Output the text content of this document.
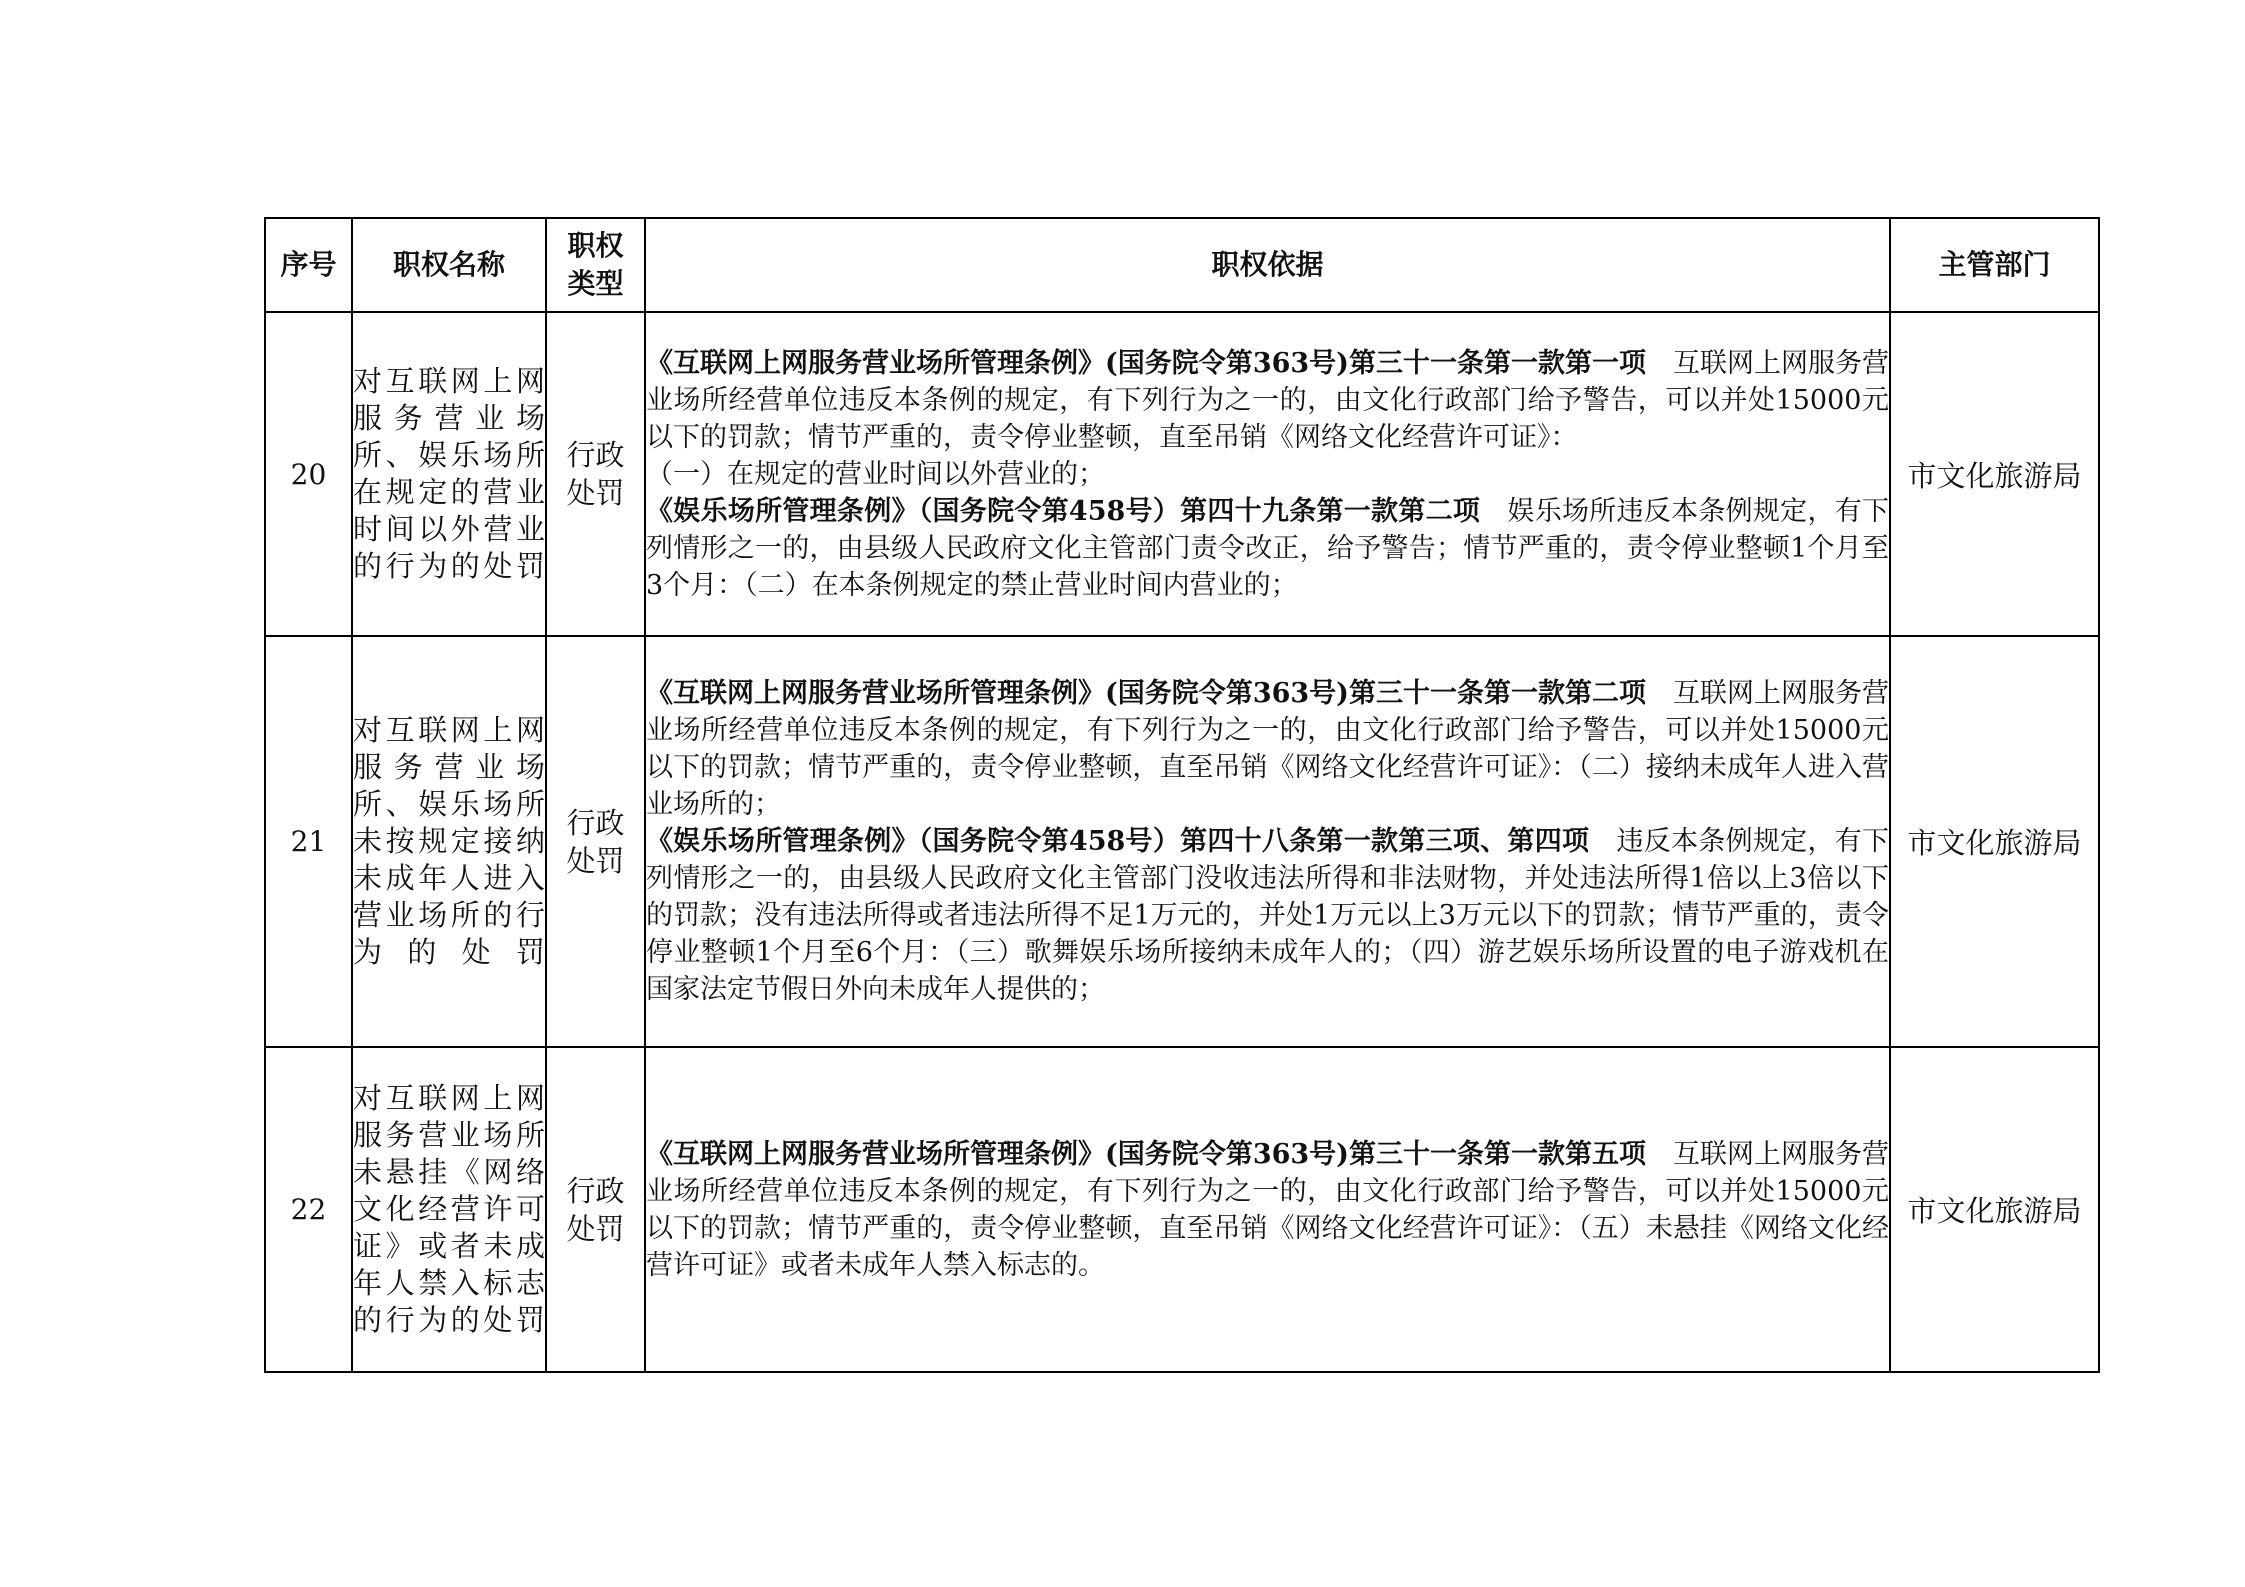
序号	职权名称	职权类型	职权依据	主管部门
20	对互联网上网服务营业场所、娱乐场所在规定的营业时间以外营业的行为的处罚	行政处罚	《互联网上网服务营业场所管理条例》(国务院令第363号)第三十一条第一款第一项　互联网上网服务营业场所经营单位违反本条例的规定，有下列行为之一的，由文化行政部门给予警告，可以并处15000元以下的罚款；情节严重的，责令停业整顿，直至吊销《网络文化经营许可证》：
（一）在规定的营业时间以外营业的；
《娱乐场所管理条例》（国务院令第458号）第四十九条第一款第二项　娱乐场所违反本条例规定，有下列情形之一的，由县级人民政府文化主管部门责令改正，给予警告；情节严重的，责令停业整顿1个月至3个月：（二）在本条例规定的禁止营业时间内营业的；	市文化旅游局
21	对互联网上网服务营业场所、娱乐场所未按规定接纳未成年人进入营业场所的行为的处罚	行政处罚	《互联网上网服务营业场所管理条例》(国务院令第363号)第三十一条第一款第二项　互联网上网服务营业场所经营单位违反本条例的规定，有下列行为之一的，由文化行政部门给予警告，可以并处15000元以下的罚款；情节严重的，责令停业整顿，直至吊销《网络文化经营许可证》：（二）接纳未成年人进入营业场所的；
《娱乐场所管理条例》（国务院令第458号）第四十八条第一款第三项、第四项　违反本条例规定，有下列情形之一的，由县级人民政府文化主管部门没收违法所得和非法财物，并处违法所得1倍以上3倍以下的罚款；没有违法所得或者违法所得不足1万元的，并处1万元以上3万元以下的罚款；情节严重的，责令停业整顿1个月至6个月：（三）歌舞娱乐场所接纳未成年人的；（四）游艺娱乐场所设置的电子游戏机在国家法定节假日外向未成年人提供的；	市文化旅游局
22	对互联网上网服务营业场所未悬挂《网络文化经营许可证》或者未成年人禁入标志的行为的处罚	行政处罚	《互联网上网服务营业场所管理条例》(国务院令第363号)第三十一条第一款第五项　互联网上网服务营业场所经营单位违反本条例的规定，有下列行为之一的，由文化行政部门给予警告，可以并处15000元以下的罚款；情节严重的，责令停业整顿，直至吊销《网络文化经营许可证》：（五）未悬挂《网络文化经营许可证》或者未成年人禁入标志的。	市文化旅游局
